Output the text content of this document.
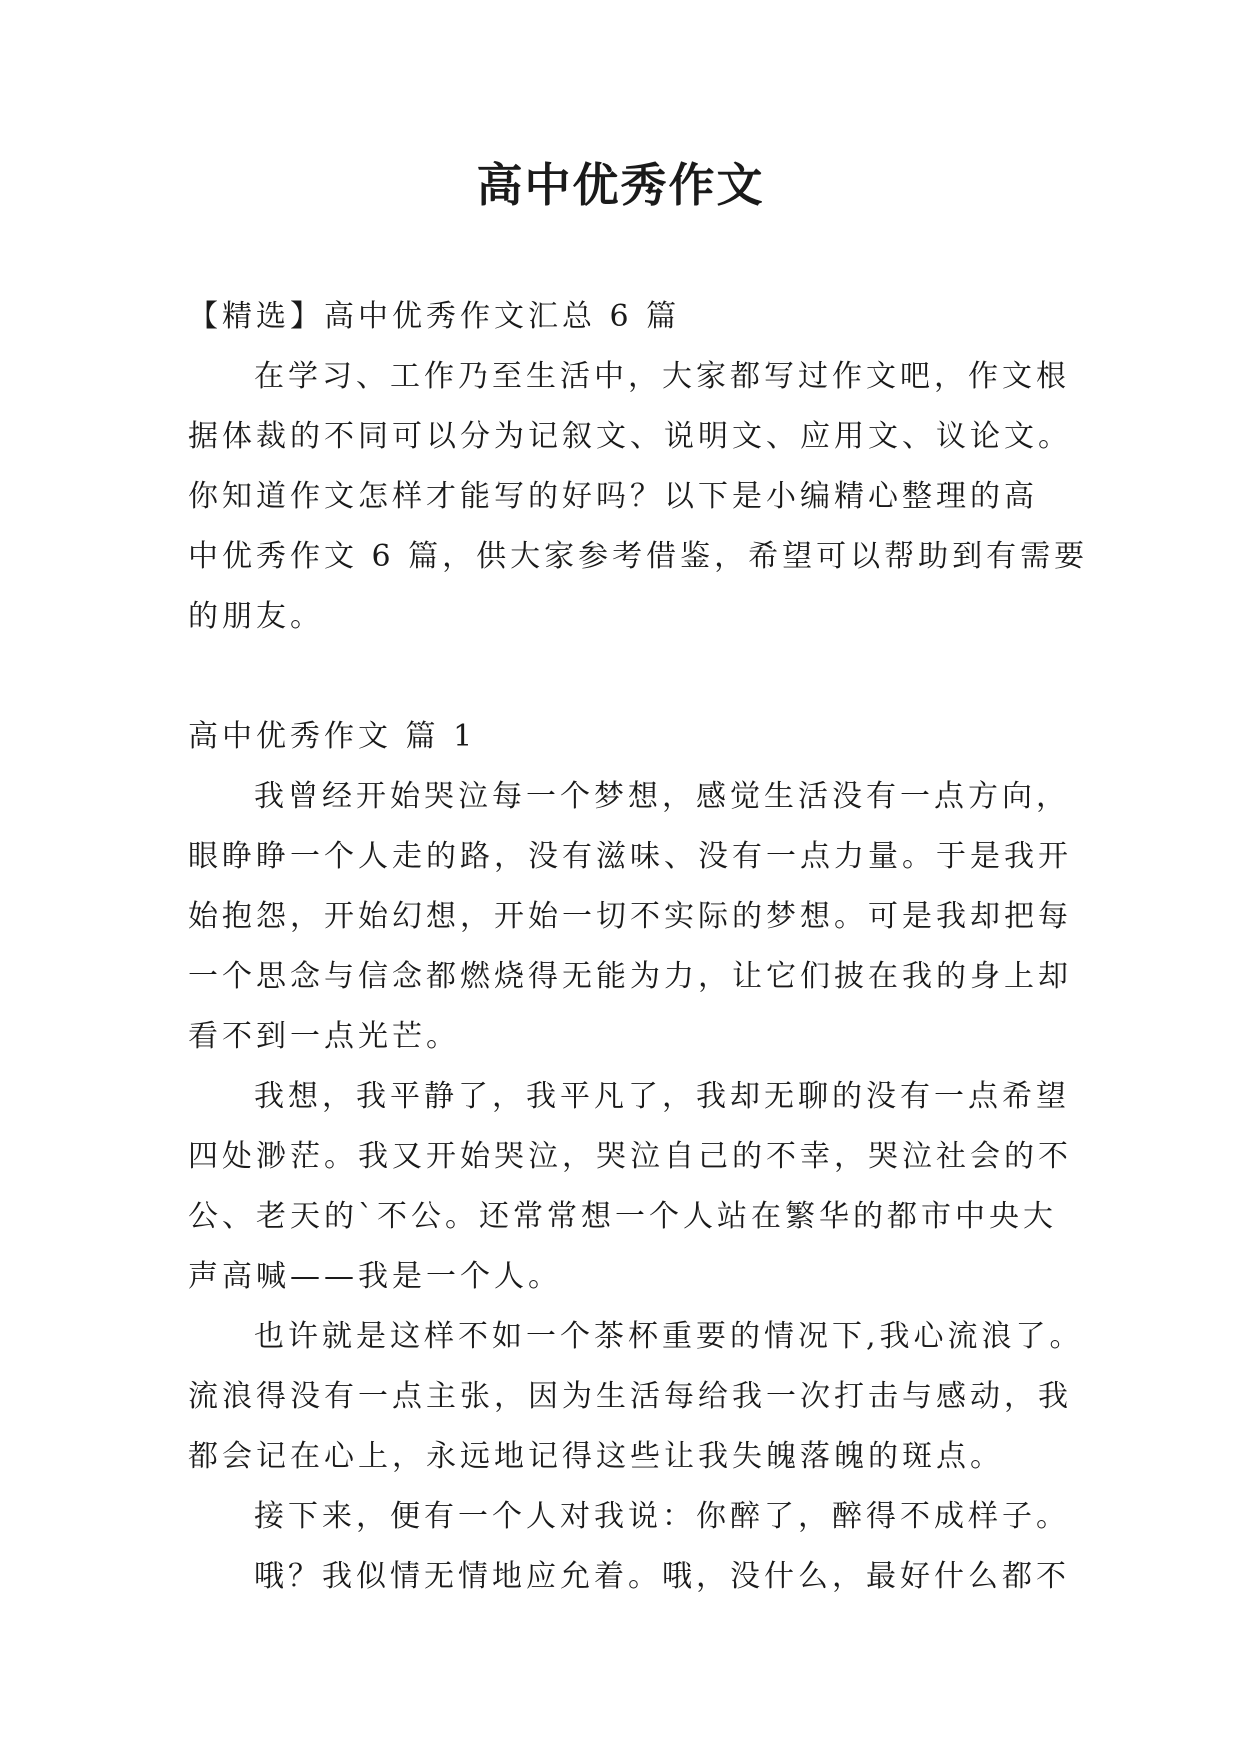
高中优秀作文
【精选】高中优秀作文汇总 6 篇
在学习、工作乃至生活中，大家都写过作文吧，作文根
据体裁的不同可以分为记叙文、说明文、应用文、议论文。
你知道作文怎样才能写的好吗？以下是小编精心整理的高
中优秀作文 6 篇，供大家参考借鉴，希望可以帮助到有需要
的朋友。
高中优秀作文 篇 1
我曾经开始哭泣每一个梦想，感觉生活没有一点方向，
眼睁睁一个人走的路，没有滋味、没有一点力量。于是我开
始抱怨，开始幻想，开始一切不实际的梦想。可是我却把每
一个思念与信念都燃烧得无能为力，让它们披在我的身上却
看不到一点光芒。
我想，我平静了，我平凡了，我却无聊的没有一点希望
四处渺茫。我又开始哭泣，哭泣自己的不幸，哭泣社会的不
公、老天的`不公。还常常想一个人站在繁华的都市中央大
声高喊——我是一个人。
也许就是这样不如一个茶杯重要的情况下,我心流浪了。
流浪得没有一点主张，因为生活每给我一次打击与感动，我
都会记在心上，永远地记得这些让我失魄落魄的斑点。
接下来，便有一个人对我说：你醉了，醉得不成样子。
哦？我似情无情地应允着。哦，没什么，最好什么都不
